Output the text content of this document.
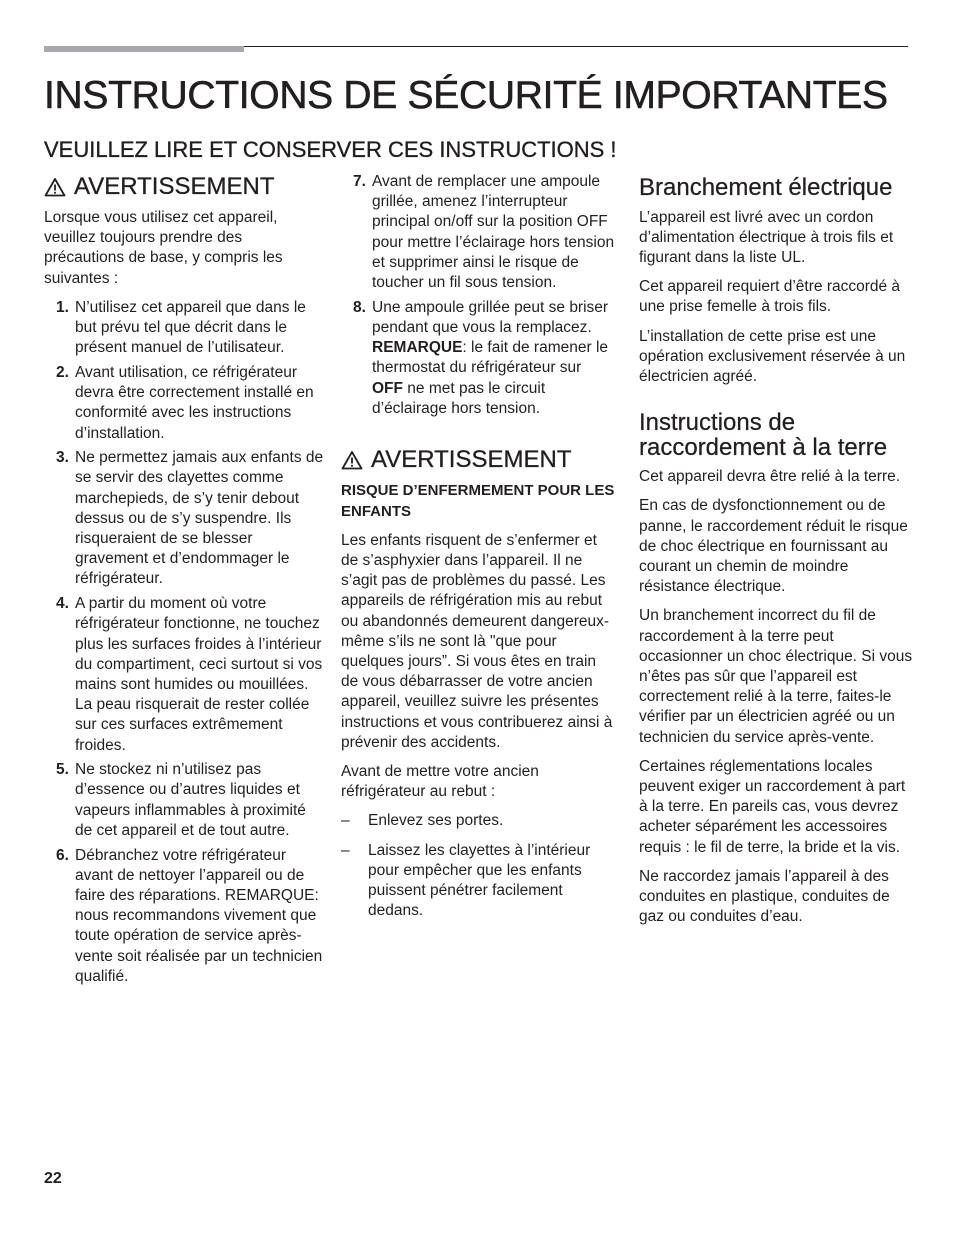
INSTRUCTIONS DE SÉCURITÉ IMPORTANTES
VEUILLEZ LIRE ET CONSERVER CES INSTRUCTIONS !
AVERTISSEMENT

Lorsque vous utilisez cet appareil, veuillez toujours prendre des précautions de base, y compris les suivantes :

1. N’utilisez cet appareil que dans le but prévu tel que décrit dans le présent manuel de l’utilisateur.
2. Avant utilisation, ce réfrigérateur devra être correctement installé en conformité avec les instructions d’installation.
3. Ne permettez jamais aux enfants de se servir des clayettes comme marchepieds, de s’y tenir debout dessus ou de s’y suspendre. Ils risqueraient de se blesser gravement et d’endommager le réfrigérateur.
4. A partir du moment où votre réfrigérateur fonctionne, ne touchez plus les surfaces froides à l’intérieur du compartiment, ceci surtout si vos mains sont humides ou mouillées. La peau risquerait de rester collée sur ces surfaces extrêmement froides.
5. Ne stockez ni n’utilisez pas d’essence ou d’autres liquides et vapeurs inflammables à proximité de cet appareil et de tout autre.
6. Débranchez votre réfrigérateur avant de nettoyer l’appareil ou de faire des réparations. REMARQUE: nous recommandons vivement que toute opération de service après-vente soit réalisée par un technicien qualifié.
7. Avant de remplacer une ampoule grillée, amenez l’interrupteur principal on/off sur la position OFF pour mettre l’éclairage hors tension et supprimer ainsi le risque de toucher un fil sous tension.
8. Une ampoule grillée peut se briser pendant que vous la remplacez. REMARQUE: le fait de ramener le thermostat du réfrigérateur sur OFF ne met pas le circuit d’éclairage hors tension.
AVERTISSEMENT
RISQUE D’ENFERMEMENT POUR LES ENFANTS

Les enfants risquent de s’enfermer et de s’asphyxier dans l’appareil. Il ne s’agit pas de problèmes du passé. Les appareils de réfrigération mis au rebut ou abandonnés demeurent dangereux-même s’ils ne sont là "que pour quelques jours”. Si vous êtes en train de vous débarrasser de votre ancien appareil, veuillez suivre les présentes instructions et vous contribuerez ainsi à prévenir des accidents.

Avant de mettre votre ancien réfrigérateur au rebut :

– Enlevez ses portes.
– Laissez les clayettes à l’intérieur pour empêcher que les enfants puissent pénétrer facilement dedans.
Branchement électrique

L’appareil est livré avec un cordon d’alimentation électrique à trois fils et figurant dans la liste UL.

Cet appareil requiert d’être raccordé à une prise femelle à trois fils.

L’installation de cette prise est une opération exclusivement réservée à un électricien agréé.

Instructions de raccordement à la terre

Cet appareil devra être relié à la terre.

En cas de dysfonctionnement ou de panne, le raccordement réduit le risque de choc électrique en fournissant au courant un chemin de moindre résistance électrique.

Un branchement incorrect du fil de raccordement à la terre peut occasionner un choc électrique. Si vous n’êtes pas sûr que l’appareil est correctement relié à la terre, faites-le vérifier par un électricien agréé ou un technicien du service après-vente.

Certaines réglementations locales peuvent exiger un raccordement à part à la terre. En pareils cas, vous devrez acheter séparément les accessoires requis : le fil de terre, la bride et la vis.

Ne raccordez jamais l’appareil à des conduites en plastique, conduites de gaz ou conduites d’eau.

22
